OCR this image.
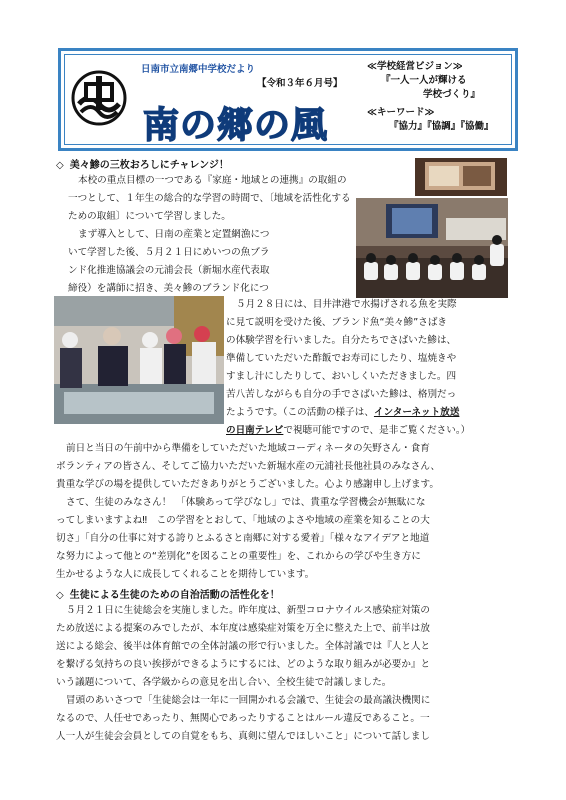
日南市立南郷中学校だより
【令和３年６月号】
南の郷の風
≪学校経営ビジョン≫
『一人一人が輝ける
学校づくり』
≪キーワード≫
『協力』『協調』『協働』
◇ 美々鯵の三枚おろしにチャレンジ！
本校の重点目標の一つである『家庭・地域との連携』の取組の
一つとして、１年生の総合的な学習の時間で、〔地域を活性化する
ための取組〕について学習しました。
まず導入として、日南の産業と定置網漁につ
いて学習した後、５月２１日にめいつの魚ブラ
ンド化推進協議会の元浦会長（新堀水産代表取
締役）を講師に招き、美々鯵のブランド化につ
５月２８日には、目井津港で水揚げされる魚を実際
に見て説明を受けた後、ブランド魚“美々鯵”さばき
の体験学習を行いました。自分たちでさばいた鯵は、
準備していただいた酢飯でお寿司にしたり、塩焼きや
すまし汁にしたりして、おいしくいただきました。四
苦八苦しながらも自分の手でさばいた鯵は、格別だっ
たようです。（この活動の様子は、インターネット放送
の日南テレビで視聴可能ですので、是非ご覧ください。）
前日と当日の午前中から準備をしていただいた地域コーディネータの矢野さん・食育
ボランティアの皆さん、そしてご協力いただいた新堀水産の元浦社長他社員のみなさん、
貴重な学びの場を提供していただきありがとうございました。心より感謝申し上げます。
さて、生徒のみなさん！　「体験あって学びなし」では、貴重な学習機会が無駄にな
ってしまいますよね‼　この学習をとおして、「地域のよさや地域の産業を知ることの大
切さ」「自分の仕事に対する誇りとふるさと南郷に対する愛着」「様々なアイデアと地道
な努力によって他との“差別化”を図ることの重要性」を、これからの学びや生き方に
生かせるような人に成長してくれることを期待しています。
◇ 生徒による生徒のための自治活動の活性化を！
５月２１日に生徒総会を実施しました。昨年度は、新型コロナウイルス感染症対策の
ため放送による提案のみでしたが、本年度は感染症対策を万全に整えた上で、前半は放
送による総会、後半は体育館での全体討議の形で行いました。全体討議では『人と人と
を繋げる気持ちの良い挨拶ができるようにするには、どのような取り組みが必要か』と
いう議題について、各学級からの意見を出し合い、全校生徒で討議しました。
冒頭のあいさつで「生徒総会は一年に一回開かれる会議で、生徒会の最高議決機関に
なるので、人任せであったり、無関心であったりすることはルール違反であること。一
人一人が生徒会会員としての自覚をもち、真剣に望んでほしいこと」について話しまし
